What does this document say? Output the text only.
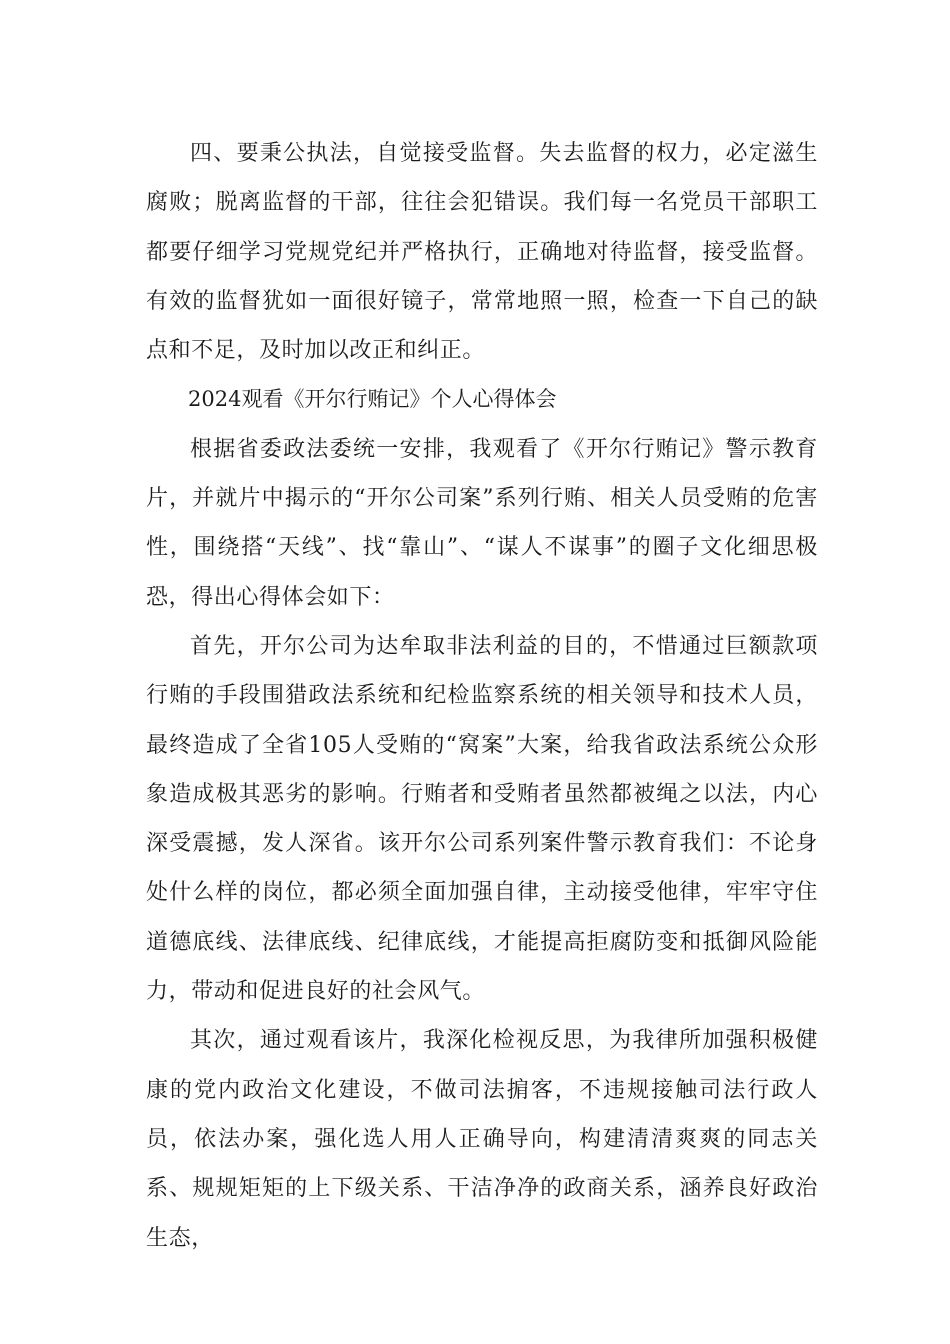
四、要秉公执法，自觉接受监督。失去监督的权力，必定滋生腐败；脱离监督的干部，往往会犯错误。我们每一名党员干部职工都要仔细学习党规党纪并严格执行，正确地对待监督，接受监督。有效的监督犹如一面很好镜子，常常地照一照，检查一下自己的缺点和不足，及时加以改正和纠正。

2024观看《开尔行贿记》个人心得体会

根据省委政法委统一安排，我观看了《开尔行贿记》警示教育片，并就片中揭示的“开尔公司案”系列行贿、相关人员受贿的危害性，围绕搭“天线”、找“靠山”、“谋人不谋事”的圈子文化细思极恐，得出心得体会如下：

首先，开尔公司为达牟取非法利益的目的，不惜通过巨额款项行贿的手段围猎政法系统和纪检监察系统的相关领导和技术人员，最终造成了全省105人受贿的“窝案”大案，给我省政法系统公众形象造成极其恶劣的影响。行贿者和受贿者虽然都被绳之以法，内心深受震撼，发人深省。该开尔公司系列案件警示教育我们：不论身处什么样的岗位，都必须全面加强自律，主动接受他律，牢牢守住道德底线、法律底线、纪律底线，才能提高拒腐防变和抵御风险能力，带动和促进良好的社会风气。

其次，通过观看该片，我深化检视反思，为我律所加强积极健康的党内政治文化建设，不做司法掮客，不违规接触司法行政人员，依法办案，强化选人用人正确导向，构建清清爽爽的同志关系、规规矩矩的上下级关系、干洁净净的政商关系，涵养良好政治生态，
